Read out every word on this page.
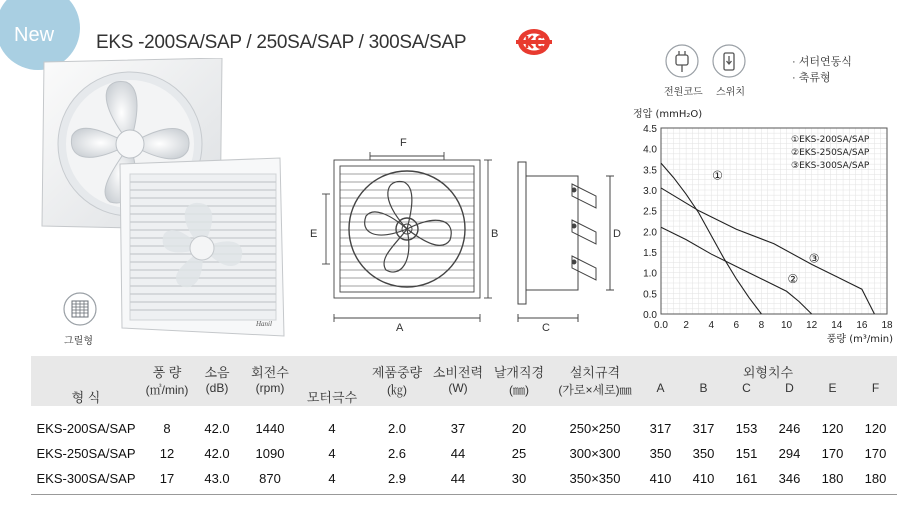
New EKS -200SA/SAP / 250SA/SAP / 300SA/SAP
Hanil
그릴형
F
E	B
A
D
C
전원코드 스위치
· 셔터연동식
· 축류형
0.0
0.5
1.0
1.5
2.0
2.5
3.0
3.5
4.0
4.5
0.0 2 4 6 8 10 12 14 16 18
정압 (mmH₂O)
풍량 (m³/min)
①EKS-200SA/SAP
②EKS-250SA/SAP
③EKS-300SA/SAP
①
②
③
형 식	풍 량	소음	회전수	모터극수	제품중량	소비전력	날개직경	설치규격	외형치수					
	(㎥/min)	(dB)	(rpm)		(㎏)	(W)	(㎜)	(가로×세로)㎜	A	B	C	D	E	F
EKS-200SA/SAP	8	42.0	1440	4	2.0	37	20	250×250	317	317	153	246	120	120
EKS-250SA/SAP	12	42.0	1090	4	2.6	44	25	300×300	350	350	151	294	170	170
EKS-300SA/SAP	17	43.0	870	4	2.9	44	30	350×350	410	410	161	346	180	180
